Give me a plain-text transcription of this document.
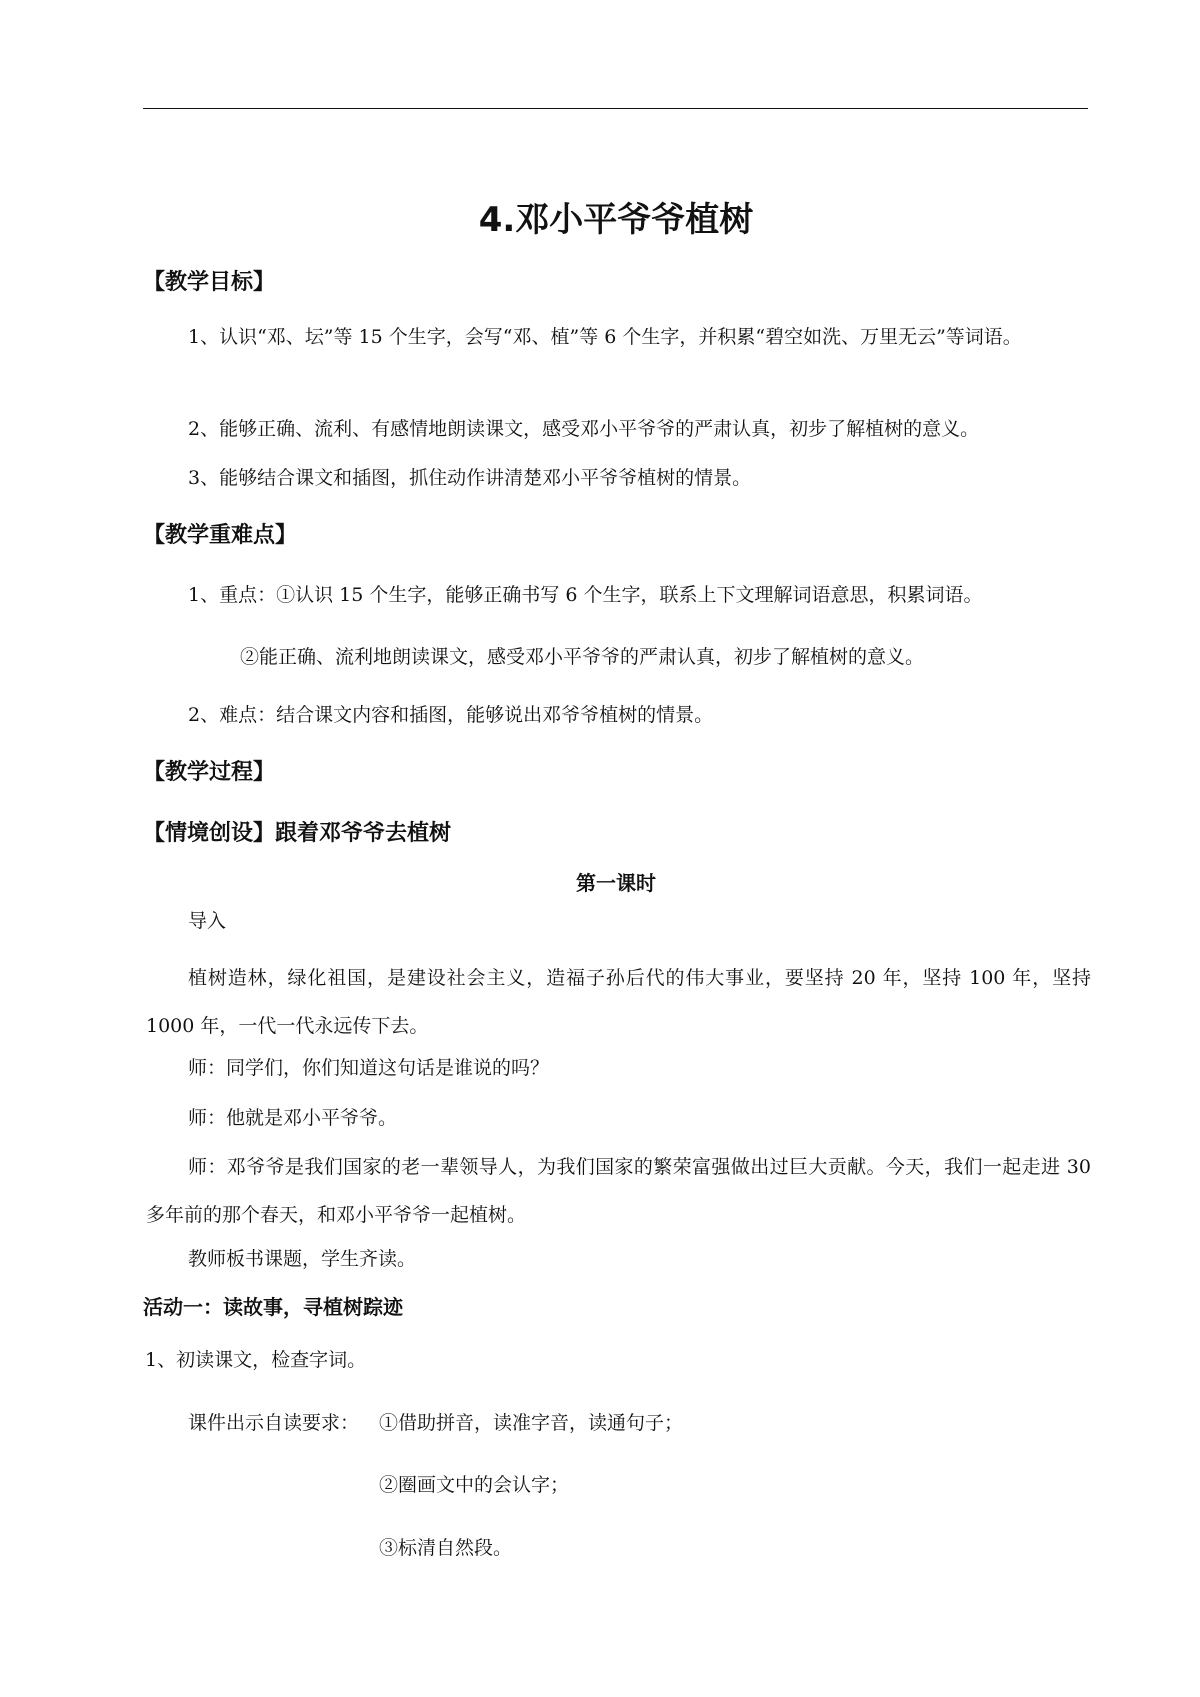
4.邓小平爷爷植树
【教学目标】
1、认识“邓、坛”等 15 个生字，会写“邓、植”等 6 个生字，并积累“碧空如洗、万里无云”等词语。
2、能够正确、流利、有感情地朗读课文，感受邓小平爷爷的严肃认真，初步了解植树的意义。
3、能够结合课文和插图，抓住动作讲清楚邓小平爷爷植树的情景。
【教学重难点】
1、重点：①认识 15 个生字，能够正确书写 6 个生字，联系上下文理解词语意思，积累词语。
②能正确、流利地朗读课文，感受邓小平爷爷的严肃认真，初步了解植树的意义。
2、难点：结合课文内容和插图，能够说出邓爷爷植树的情景。
【教学过程】
【情境创设】跟着邓爷爷去植树
第一课时
导入
植树造林，绿化祖国，是建设社会主义，造福子孙后代的伟大事业，要坚持 20 年，坚持 100 年，坚持 1000 年，一代一代永远传下去。
师：同学们，你们知道这句话是谁说的吗？
师：他就是邓小平爷爷。
师：邓爷爷是我们国家的老一辈领导人，为我们国家的繁荣富强做出过巨大贡献。今天，我们一起走进 30 多年前的那个春天，和邓小平爷爷一起植树。
教师板书课题，学生齐读。
活动一：读故事，寻植树踪迹
1、初读课文，检查字词。
课件出示自读要求： ①借助拼音，读准字音，读通句子；
②圈画文中的会认字；
③标清自然段。
